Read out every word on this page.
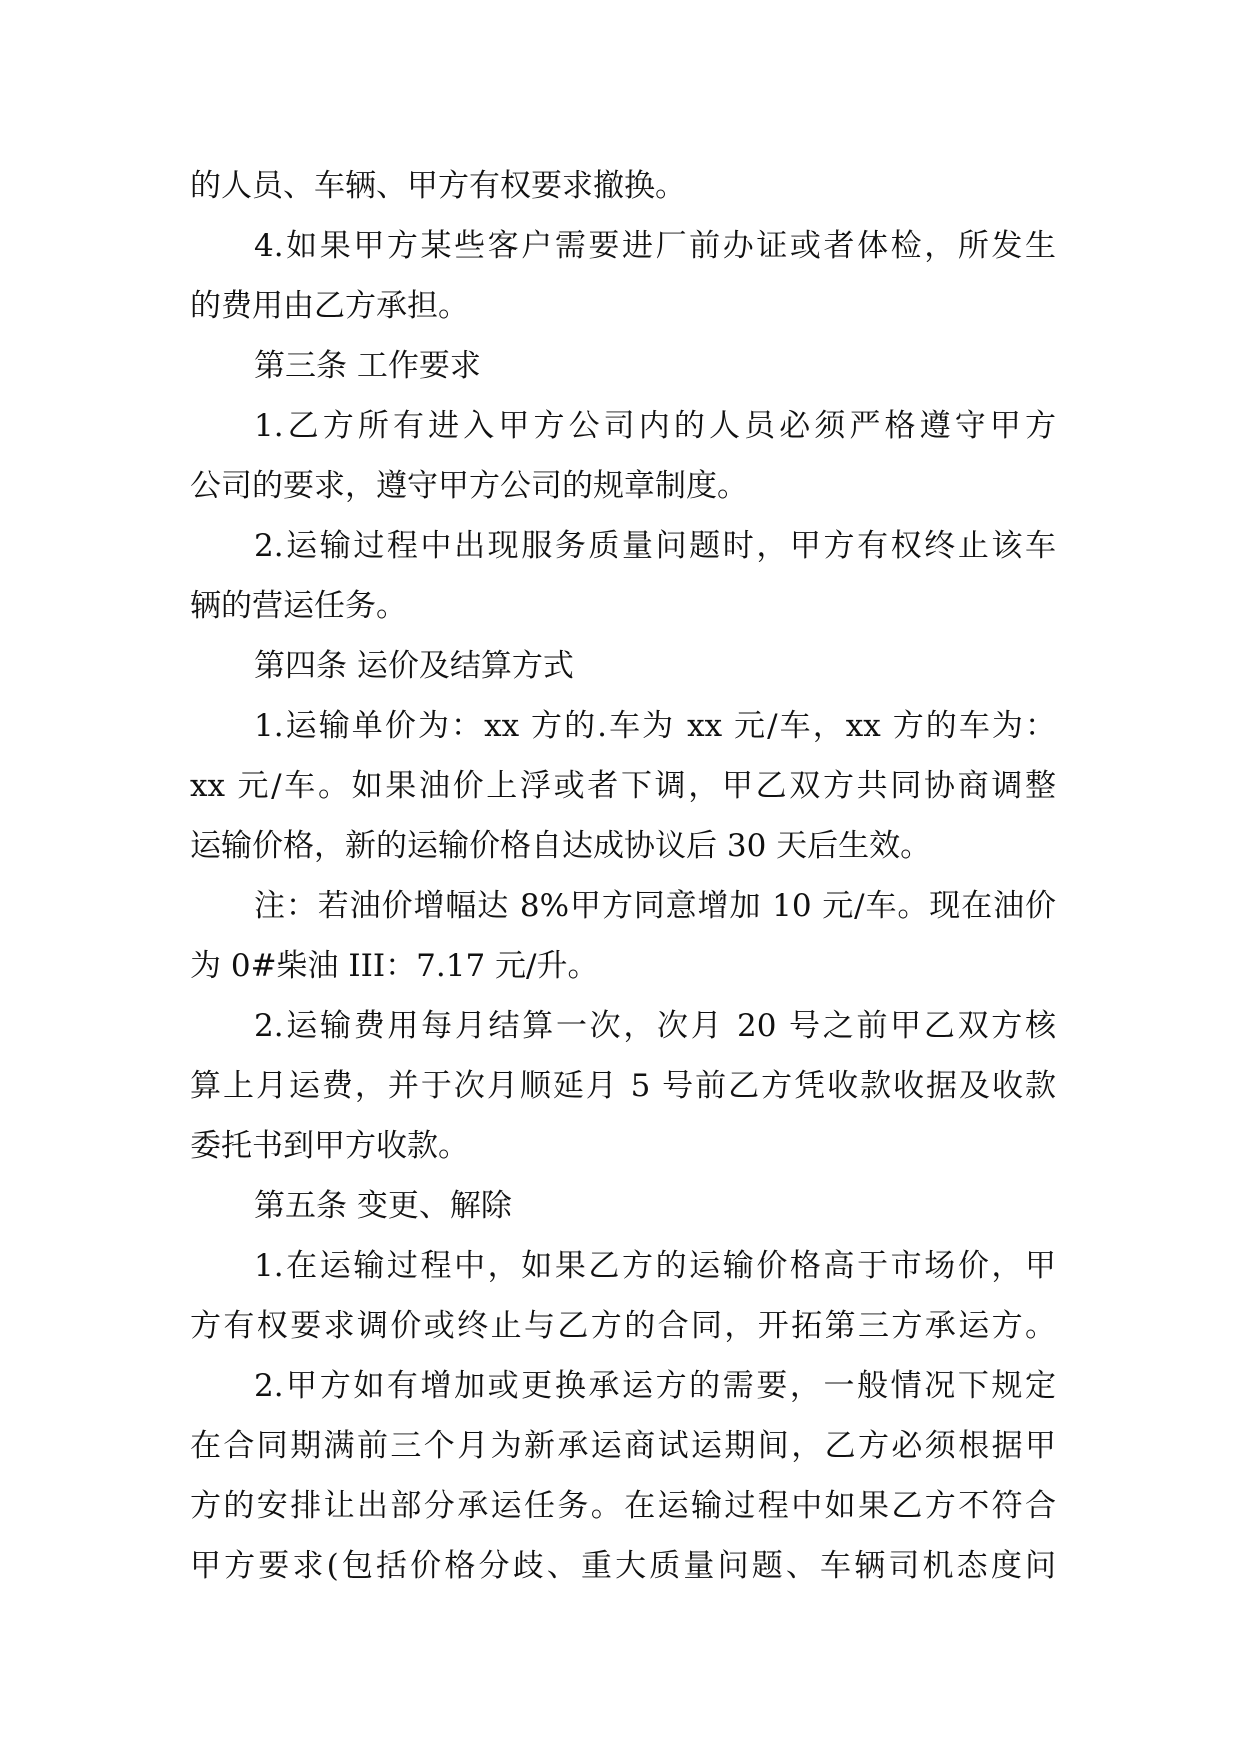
的人员、车辆、甲方有权要求撤换。

4.如果甲方某些客户需要进厂前办证或者体检，所发生

的费用由乙方承担。

第三条 工作要求

1.乙方所有进入甲方公司内的人员必须严格遵守甲方

公司的要求，遵守甲方公司的规章制度。

2.运输过程中出现服务质量问题时，甲方有权终止该车

辆的营运任务。

第四条 运价及结算方式

1.运输单价为：xx 方的.车为 xx 元/车，xx 方的车为：

xx 元/车。如果油价上浮或者下调，甲乙双方共同协商调整

运输价格，新的运输价格自达成协议后 30 天后生效。

注：若油价增幅达 8%甲方同意增加 10 元/车。现在油价

为 0#柴油 III：7.17 元/升。

2.运输费用每月结算一次，次月 20 号之前甲乙双方核

算上月运费，并于次月顺延月 5 号前乙方凭收款收据及收款

委托书到甲方收款。

第五条 变更、解除

1.在运输过程中，如果乙方的运输价格高于市场价，甲

方有权要求调价或终止与乙方的合同，开拓第三方承运方。

2.甲方如有增加或更换承运方的需要，一般情况下规定

在合同期满前三个月为新承运商试运期间，乙方必须根据甲

方的安排让出部分承运任务。在运输过程中如果乙方不符合

甲方要求(包括价格分歧、重大质量问题、车辆司机态度问
